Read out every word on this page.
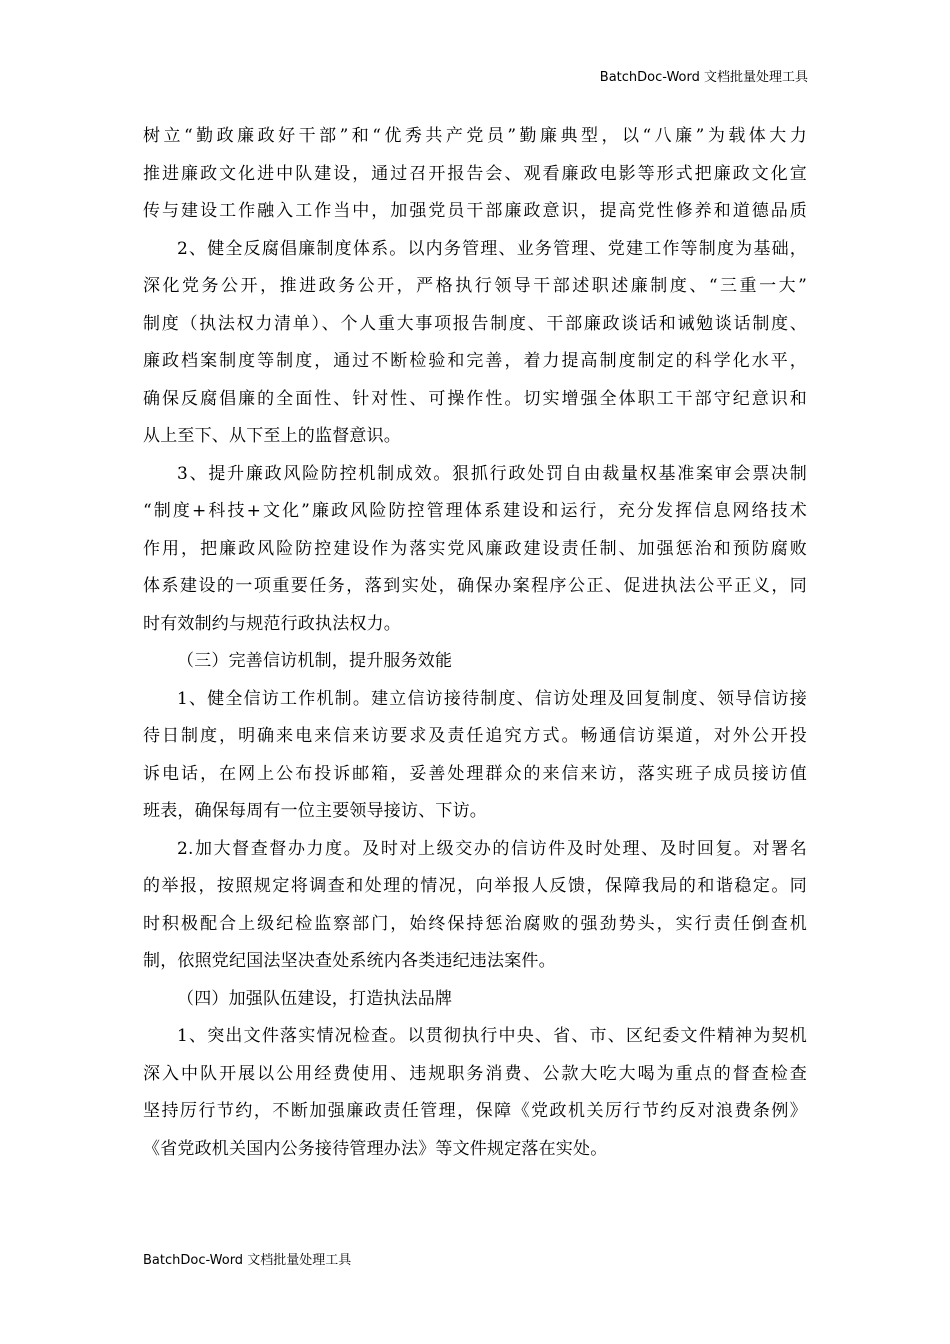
BatchDoc-Word 文档批量处理工具
树立“勤政廉政好干部”和“优秀共产党员”勤廉典型，以“八廉”为载体大力
推进廉政文化进中队建设，通过召开报告会、观看廉政电影等形式把廉政文化宣
传与建设工作融入工作当中，加强党员干部廉政意识，提高党性修养和道德品质
2、健全反腐倡廉制度体系。以内务管理、业务管理、党建工作等制度为基础，
深化党务公开，推进政务公开，严格执行领导干部述职述廉制度、“三重一大”
制度（执法权力清单）、个人重大事项报告制度、干部廉政谈话和诫勉谈话制度、
廉政档案制度等制度，通过不断检验和完善，着力提高制度制定的科学化水平，
确保反腐倡廉的全面性、针对性、可操作性。切实增强全体职工干部守纪意识和
从上至下、从下至上的监督意识。
3、提升廉政风险防控机制成效。狠抓行政处罚自由裁量权基准案审会票决制
“制度+科技+文化”廉政风险防控管理体系建设和运行，充分发挥信息网络技术
作用，把廉政风险防控建设作为落实党风廉政建设责任制、加强惩治和预防腐败
体系建设的一项重要任务，落到实处，确保办案程序公正、促进执法公平正义，同
时有效制约与规范行政执法权力。
（三）完善信访机制，提升服务效能
1、健全信访工作机制。建立信访接待制度、信访处理及回复制度、领导信访接
待日制度，明确来电来信来访要求及责任追究方式。畅通信访渠道，对外公开投
诉电话，在网上公布投诉邮箱，妥善处理群众的来信来访，落实班子成员接访值
班表，确保每周有一位主要领导接访、下访。
2.加大督查督办力度。及时对上级交办的信访件及时处理、及时回复。对署名
的举报，按照规定将调查和处理的情况，向举报人反馈，保障我局的和谐稳定。同
时积极配合上级纪检监察部门，始终保持惩治腐败的强劲势头，实行责任倒查机
制，依照党纪国法坚决查处系统内各类违纪违法案件。
（四）加强队伍建设，打造执法品牌
1、突出文件落实情况检查。以贯彻执行中央、省、市、区纪委文件精神为契机
深入中队开展以公用经费使用、违规职务消费、公款大吃大喝为重点的督查检查
坚持厉行节约，不断加强廉政责任管理，保障《党政机关厉行节约反对浪费条例》
《省党政机关国内公务接待管理办法》等文件规定落在实处。
BatchDoc-Word 文档批量处理工具
